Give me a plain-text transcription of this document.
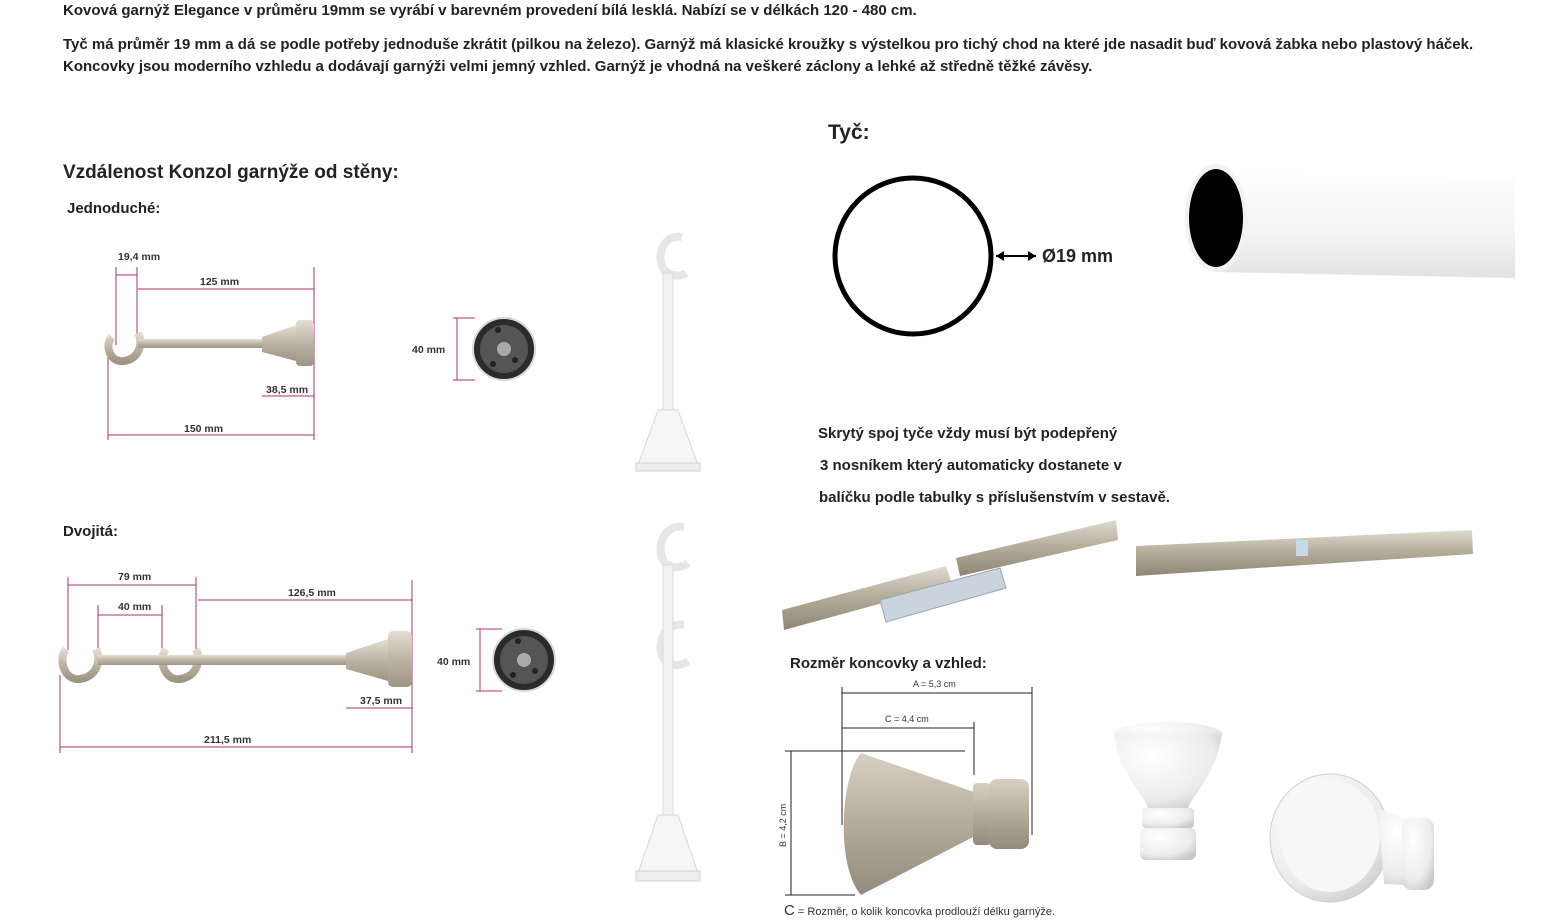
Kovová garnýž Elegance v průměru 19mm se vyrábí v barevném provedení bílá lesklá. Nabízí se v délkách 120 - 480 cm.
Tyč má průměr 19 mm a dá se podle potřeby jednoduše zkrátit (pilkou na železo). Garnýž má klasické kroužky s výstelkou pro tichý chod na které jde nasadit buď kovová žabka nebo plastový háček.
Koncovky jsou moderního vzhledu a dodávají garnýži velmi jemný vzhled. Garnýž je vhodná na veškeré záclony a lehké až středně těžké závěsy.
Vzdálenost Konzol garnýže od stěny:
Jednoduché:
Dvojitá:
19,4 mm
125 mm
38,5 mm
150 mm
40 mm
79 mm
40 mm
126,5 mm
37,5 mm
211,5 mm
40 mm
Tyč:
Ø19 mm
Skrytý spoj tyče vždy musí být podepřený
3 nosníkem který automaticky dostanete v
balíčku podle tabulky s příslušenstvím v sestavě.
Rozměr koncovky a vzhled:
A = 5,3 cm
C = 4,4 cm
B = 4,2 cm
C = Rozměr, o kolik koncovka prodlouží délku garnýže.
